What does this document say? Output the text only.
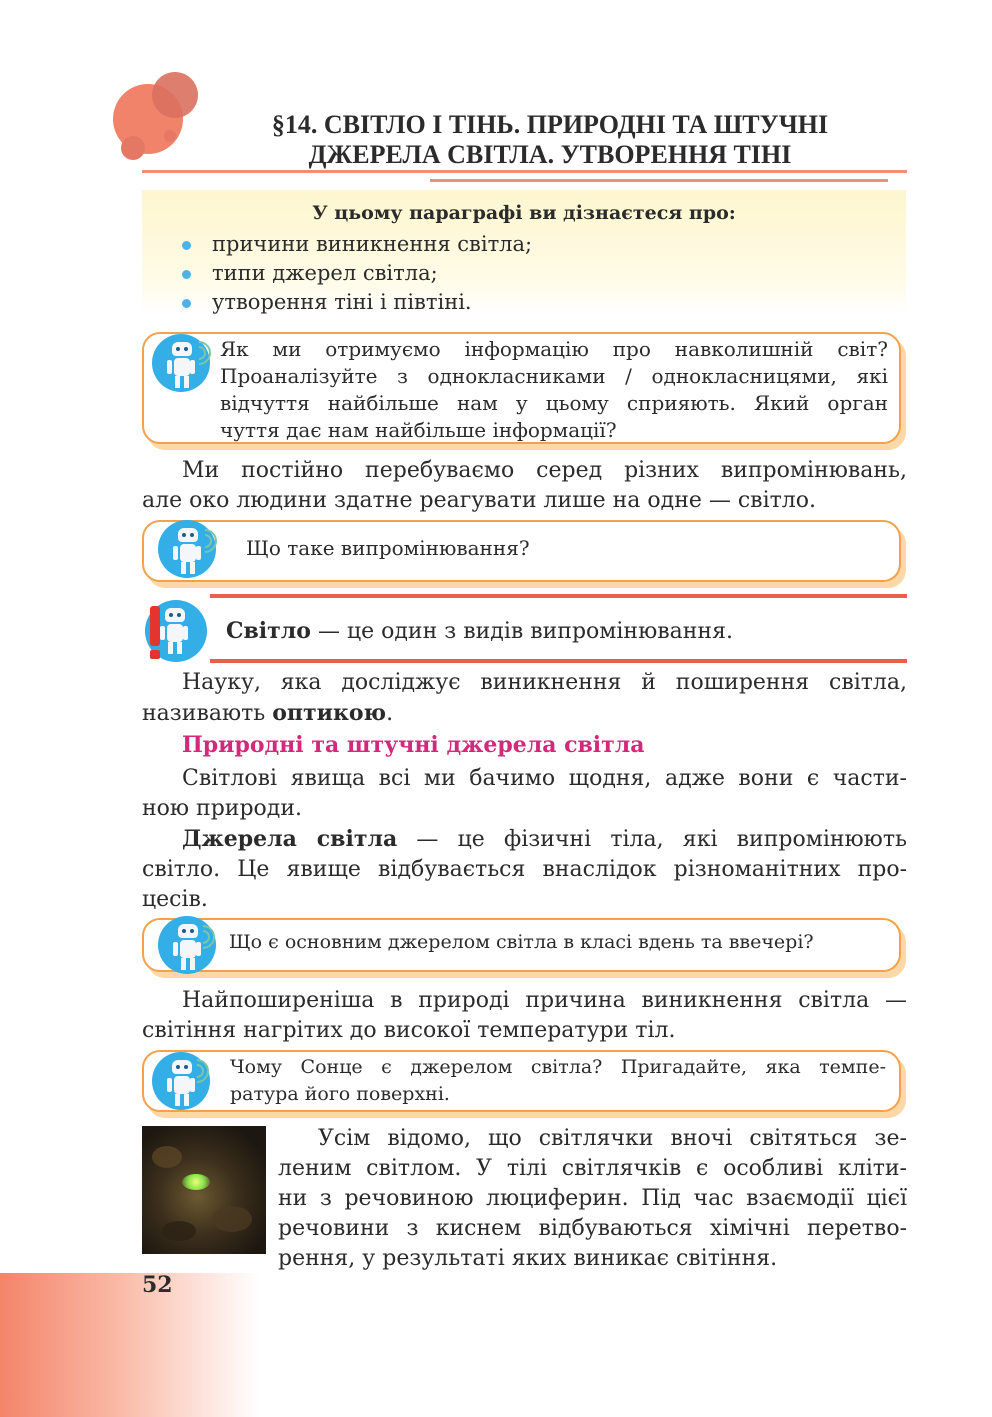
§14. СВІТЛО І ТІНЬ. ПРИРОДНІ ТА ШТУЧНІ
ДЖЕРЕЛА СВІТЛА. УТВОРЕННЯ ТІНІ
У цьому параграфі ви дізнаєтеся про:
причини виникнення світла;
типи джерел світла;
утворення тіні і півтіні.
Як ми отримуємо інформацію про навколишній світ?
Проаналізуйте з однокласниками / однокласницями, які
відчуття найбільше нам у цьому сприяють. Який орган
чуття дає нам найбільше інформації?
Ми постійно перебуваємо серед різних випромінювань,
але око людини здатне реагувати лише на одне — світло.
Що таке випромінювання?
Світло — це один з видів випромінювання.
Науку, яка досліджує виникнення й поширення світла,
називають оптикою.
Природні та штучні джерела світла
Світлові явища всі ми бачимо щодня, адже вони є части-
ною природи.
Джерела світла — це фізичні тіла, які випромінюють
світло. Це явище відбувається внаслідок різноманітних про-
цесів.
Що є основним джерелом світла в класі вдень та ввечері?
Найпоширеніша в природі причина виникнення світла —
світіння нагрітих до високої температури тіл.
Чому Сонце є джерелом світла? Пригадайте, яка темпе-
ратура його поверхні.
Усім відомо, що світлячки вночі світяться зе-
леним світлом. У тілі світлячків є особливі кліти-
ни з речовиною люциферин. Під час взаємодії цієї
речовини з киснем відбуваються хімічні перетво-
рення, у результаті яких виникає світіння.
52
